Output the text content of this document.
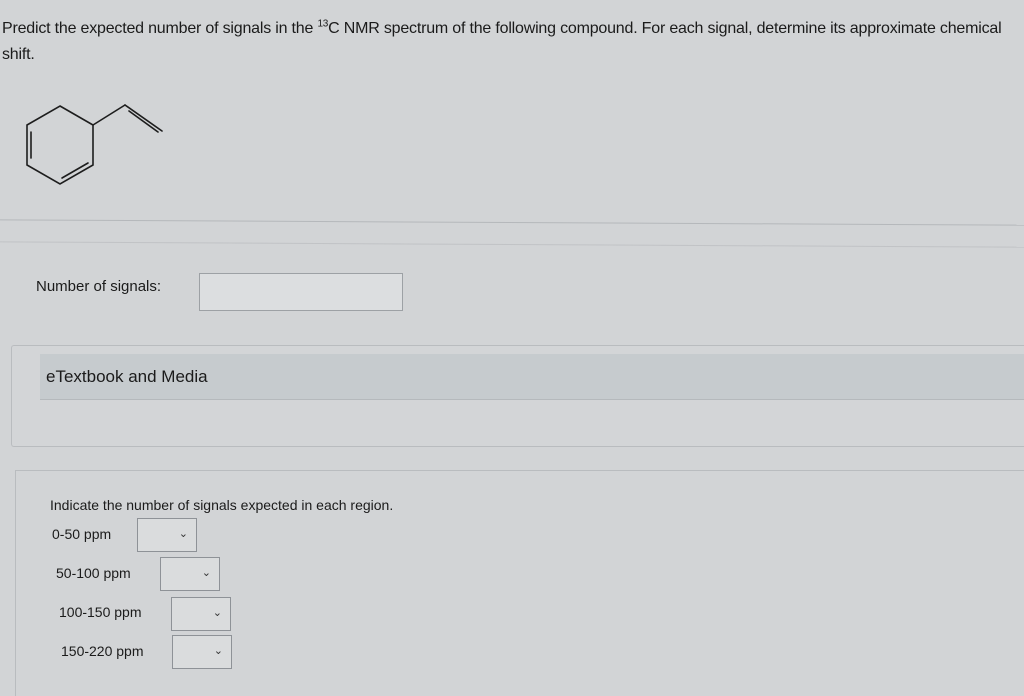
Predict the expected number of signals in the $^{13}$C NMR spectrum of the following compound. For each signal, determine its approximate chemical shift.
Number of signals:
eTextbook and Media
Indicate the number of signals expected in each region.
0-50 ppm	⌄
50-100 ppm	⌄
100-150 ppm	⌄
150-220 ppm	⌄
